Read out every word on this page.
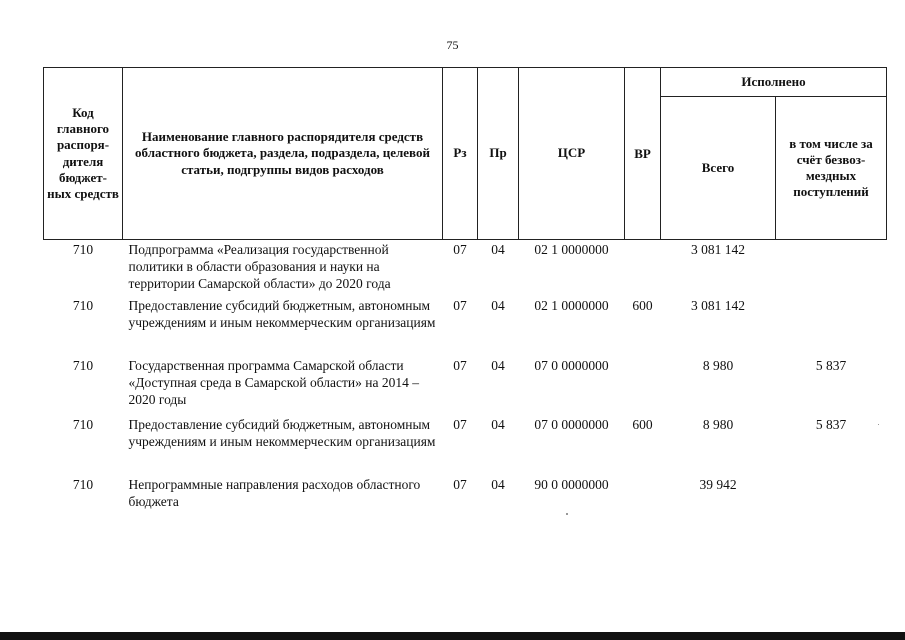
75
Код главного распоря-дителя бюджет-ных средств	Наименование главного распорядителя средств областного бюджета, раздела, подраздела, целевой статьи, подгруппы видов расходов	Рз	Пр	ЦСР	ВР	Исполнено	
						Всего	в том числе за счёт безвоз-мездных поступлений
710	Подпрограмма «Реализация государственной политики в области образования и науки на территории Самарской области» до 2020 года	07	04	02 1 0000000		3 081 142	
710	Предоставление субсидий бюджетным, автономным учреждениям и иным некоммерческим организациям	07	04	02 1 0000000	600	3 081 142	
710	Государственная программа Самарской области «Доступная среда в Самарской области» на 2014 – 2020 годы	07	04	07 0 0000000		8 980	5 837
710	Предоставление субсидий бюджетным, автономным учреждениям и иным некоммерческим организациям	07	04	07 0 0000000	600	8 980	5 837
710	Непрограммные направления расходов областного бюджета	07	04	90 0 0000000		39 942	
